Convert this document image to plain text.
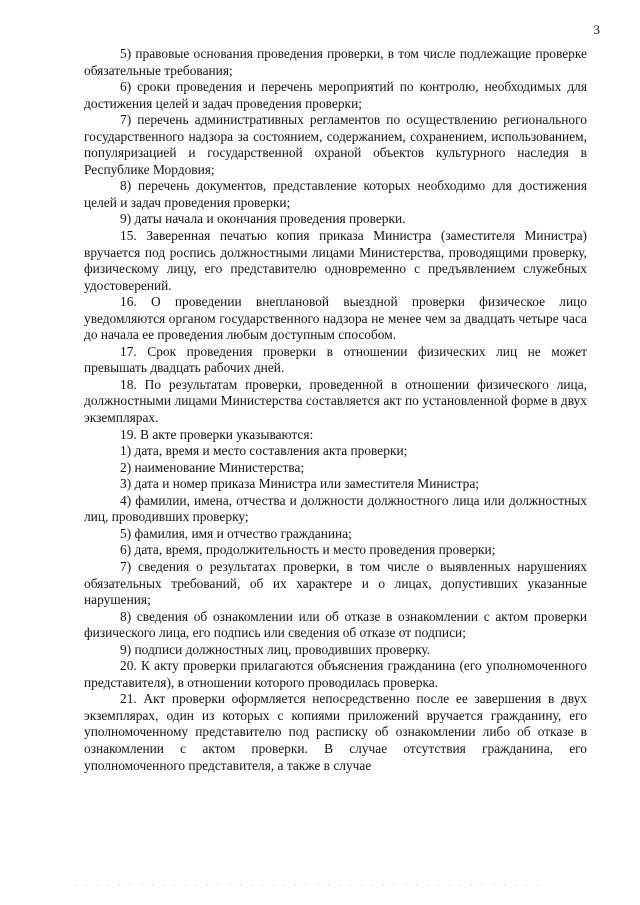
3

5) правовые основания проведения проверки, в том числе подлежащие проверке обязательные требования;

6) сроки проведения и перечень мероприятий по контролю, необходимых для достижения целей и задач проведения проверки;

7) перечень административных регламентов по осуществлению регионального государственного надзора за состоянием, содержанием, сохранением, использованием, популяризацией и государственной охраной объектов культурного наследия в Республике Мордовия;

8) перечень документов, представление которых необходимо для достижения целей и задач проведения проверки;

9) даты начала и окончания проведения проверки.

15. Заверенная печатью копия приказа Министра (заместителя Министра) вручается под роспись должностными лицами Министерства, проводящими проверку, физическому лицу, его представителю одновременно с предъявлением служебных удостоверений.

16. О проведении внеплановой выездной проверки физическое лицо уведомляются органом государственного надзора не менее чем за двадцать четыре часа до начала ее проведения любым доступным способом.

17. Срок проведения проверки в отношении физических лиц не может превышать двадцать рабочих дней.

18. По результатам проверки, проведенной в отношении физического лица, должностными лицами Министерства составляется акт по установленной форме в двух экземплярах.

19. В акте проверки указываются:

1) дата, время и место составления акта проверки;

2) наименование Министерства;

3) дата и номер приказа Министра или заместителя Министра;

4) фамилии, имена, отчества и должности должностного лица или должностных лиц, проводивших проверку;

5) фамилия, имя и отчество гражданина;

6) дата, время, продолжительность и место проведения проверки;

7) сведения о результатах проверки, в том числе о выявленных нарушениях обязательных требований, об их характере и о лицах, допустивших указанные нарушения;

8) сведения об ознакомлении или об отказе в ознакомлении с актом проверки физического лица, его подпись или сведения об отказе от подписи;

9) подписи должностных лиц, проводивших проверку.

20. К акту проверки прилагаются объяснения гражданина (его уполномоченного представителя), в отношении которого проводилась проверка.

21. Акт проверки оформляется непосредственно после ее завершения в двух экземплярах, один из которых с копиями приложений вручается гражданину, его уполномоченному представителю под расписку об ознакомлении либо об отказе в ознакомлении с актом проверки. В случае отсутствия гражданина, его уполномоченного представителя, а также в случае
